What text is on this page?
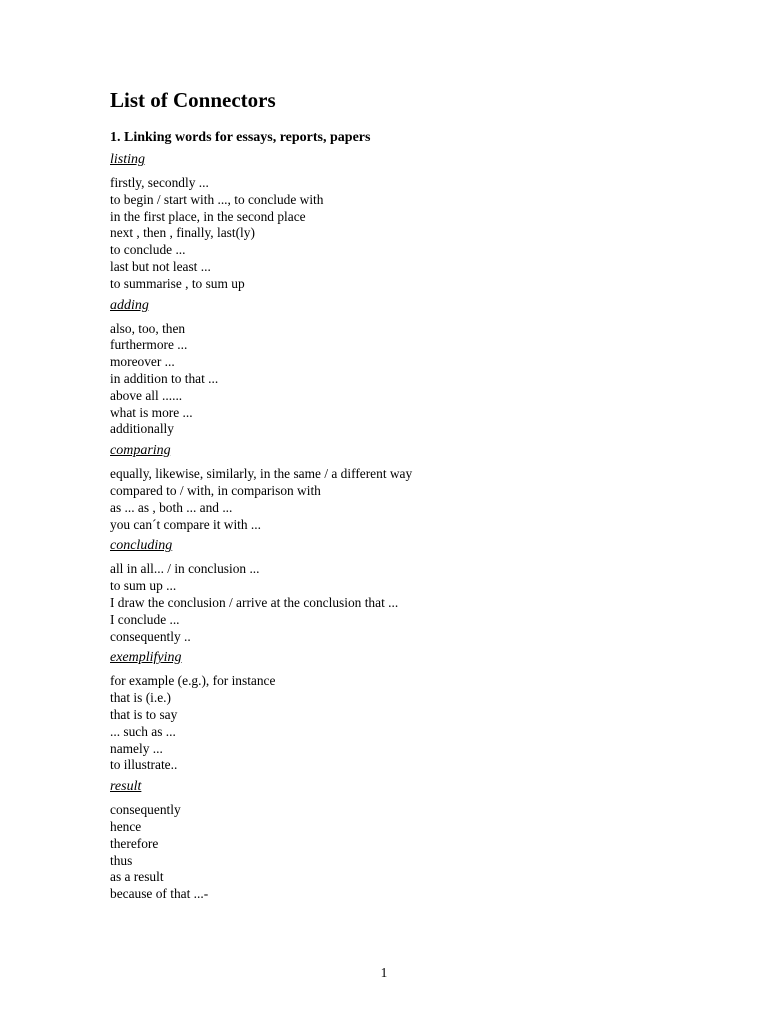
List of Connectors
1. Linking words for essays, reports, papers
listing
firstly, secondly ...
to begin / start with ..., to conclude with
in the first place, in the second place
next , then , finally, last(ly)
to conclude ...
last but not least ...
to summarise , to sum up
adding
also, too, then
furthermore ...
moreover ...
in addition to that ...
above all ......
what is more ...
additionally
comparing
equally, likewise, similarly, in the same / a different way
compared to / with, in comparison with
as ... as , both ... and ...
you can´t compare it with ...
concluding
all in all... / in conclusion ...
to sum up ...
I draw the conclusion / arrive at the conclusion that ...
I conclude ...
consequently ..
exemplifying
for example (e.g.), for instance
that is (i.e.)
that is to say
... such as ...
namely ...
to illustrate..
result
consequently
hence
therefore
thus
as a result
because of that ...-
1
